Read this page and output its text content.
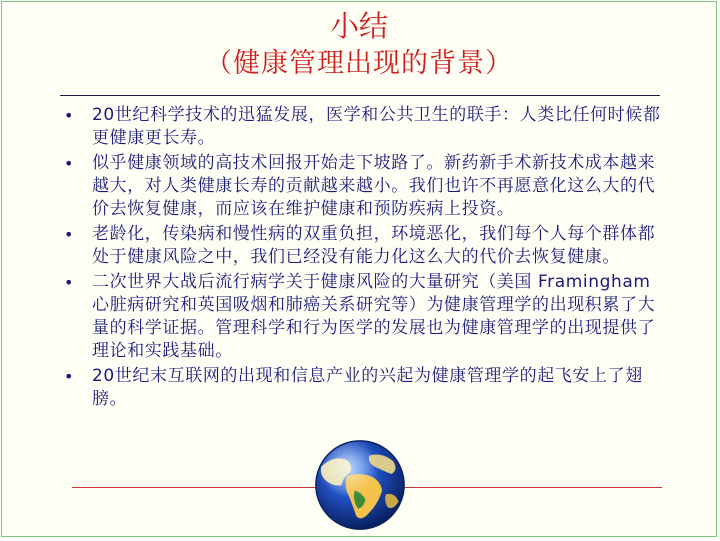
小结
（健康管理出现的背景）
• 20世纪科学技术的迅猛发展，医学和公共卫生的联手：人类比任何时候都更健康更长寿。
• 似乎健康领域的高技术回报开始走下坡路了。新药新手术新技术成本越来越大，对人类健康长寿的贡献越来越小。我们也许不再愿意化这么大的代价去恢复健康，而应该在维护健康和预防疾病上投资。
• 老龄化，传染病和慢性病的双重负担，环境恶化，我们每个人每个群体都处于健康风险之中，我们已经没有能力化这么大的代价去恢复健康。
• 二次世界大战后流行病学关于健康风险的大量研究（美国 Framingham 心脏病研究和英国吸烟和肺癌关系研究等）为健康管理学的出现积累了大量的科学证据。管理科学和行为医学的发展也为健康管理学的出现提供了理论和实践基础。
• 20世纪末互联网的出现和信息产业的兴起为健康管理学的起飞安上了翅膀。
